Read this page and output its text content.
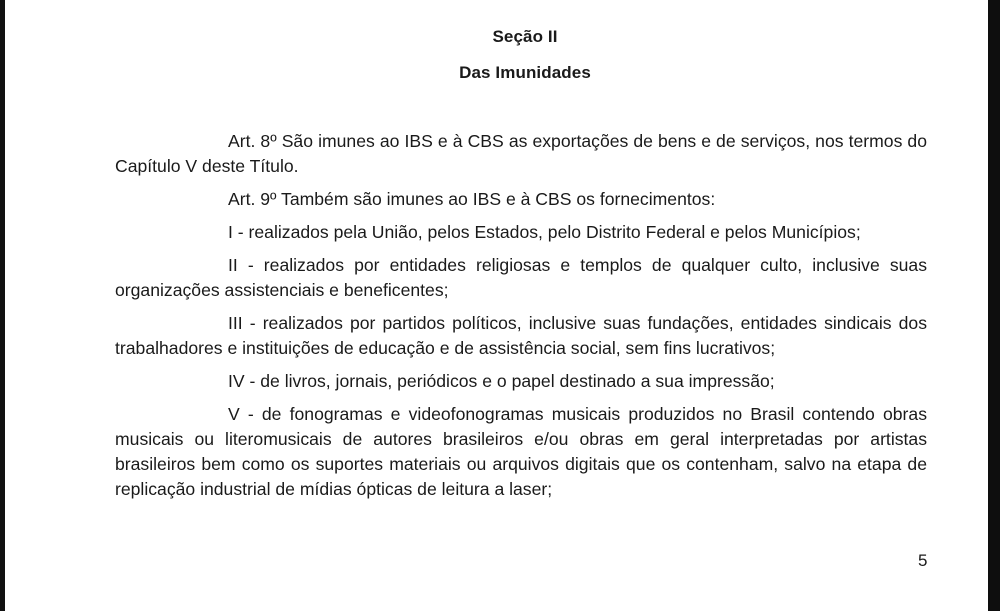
Seção II
Das Imunidades

Art. 8º São imunes ao IBS e à CBS as exportações de bens e de serviços, nos termos do Capítulo V deste Título.

Art. 9º Também são imunes ao IBS e à CBS os fornecimentos:

I - realizados pela União, pelos Estados, pelo Distrito Federal e pelos Municípios;

II - realizados por entidades religiosas e templos de qualquer culto, inclusive suas organizações assistenciais e beneficentes;

III - realizados por partidos políticos, inclusive suas fundações, entidades sindicais dos trabalhadores e instituições de educação e de assistência social, sem fins lucrativos;

IV - de livros, jornais, periódicos e o papel destinado a sua impressão;

V - de fonogramas e videofonogramas musicais produzidos no Brasil contendo obras musicais ou literomusicais de autores brasileiros e/ou obras em geral interpretadas por artistas brasileiros bem como os suportes materiais ou arquivos digitais que os contenham, salvo na etapa de replicação industrial de mídias ópticas de leitura a laser;

5
